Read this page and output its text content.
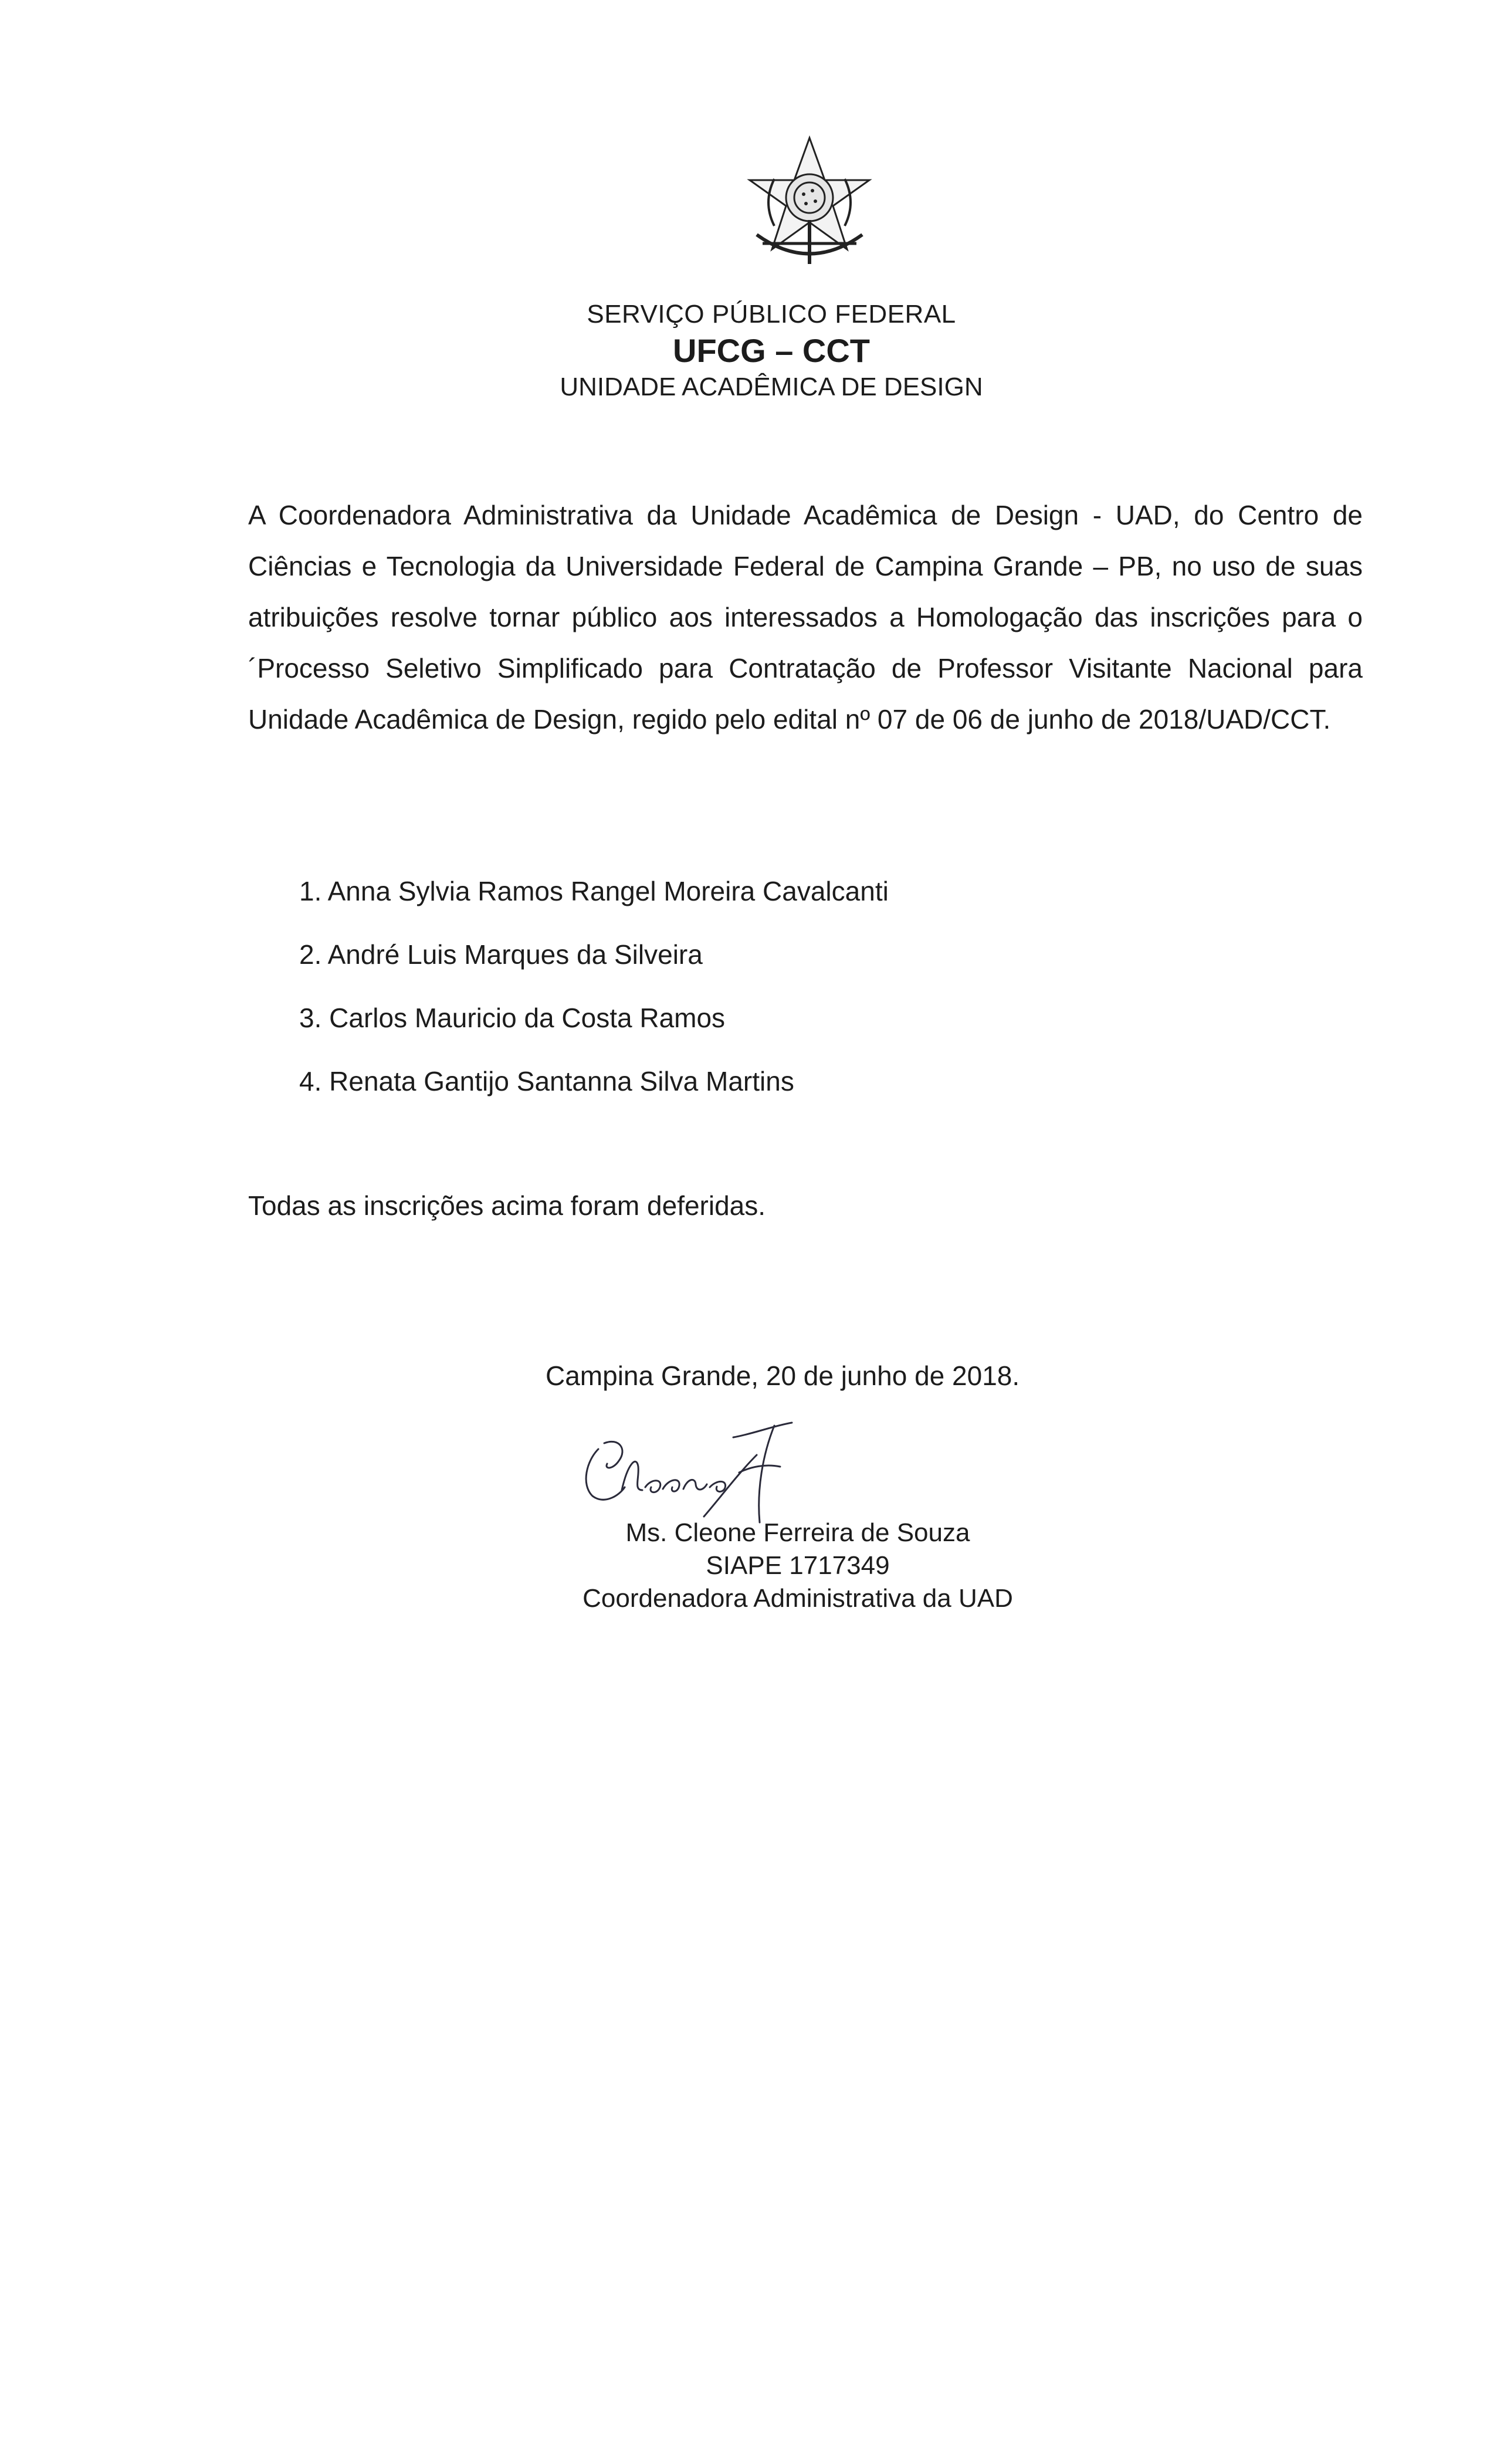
SERVIÇO PÚBLICO FEDERAL
UFCG – CCT
UNIDADE ACADÊMICA DE DESIGN
A Coordenadora Administrativa da Unidade Acadêmica de Design - UAD, do Centro de Ciências e Tecnologia da Universidade Federal de Campina Grande – PB, no uso de suas atribuições resolve tornar público aos interessados a Homologação das inscrições para o ´Processo Seletivo Simplificado para Contratação de Professor Visitante Nacional para Unidade Acadêmica de Design, regido pelo edital nº 07 de 06 de junho de 2018/UAD/CCT.
1. Anna Sylvia Ramos Rangel Moreira Cavalcanti
2. André Luis Marques da Silveira
3. Carlos Mauricio da Costa Ramos
4. Renata Gantijo Santanna Silva Martins
Todas as inscrições acima foram deferidas.
Campina Grande, 20 de junho de 2018.
Ms. Cleone Ferreira de Souza
SIAPE 1717349
Coordenadora Administrativa da UAD
